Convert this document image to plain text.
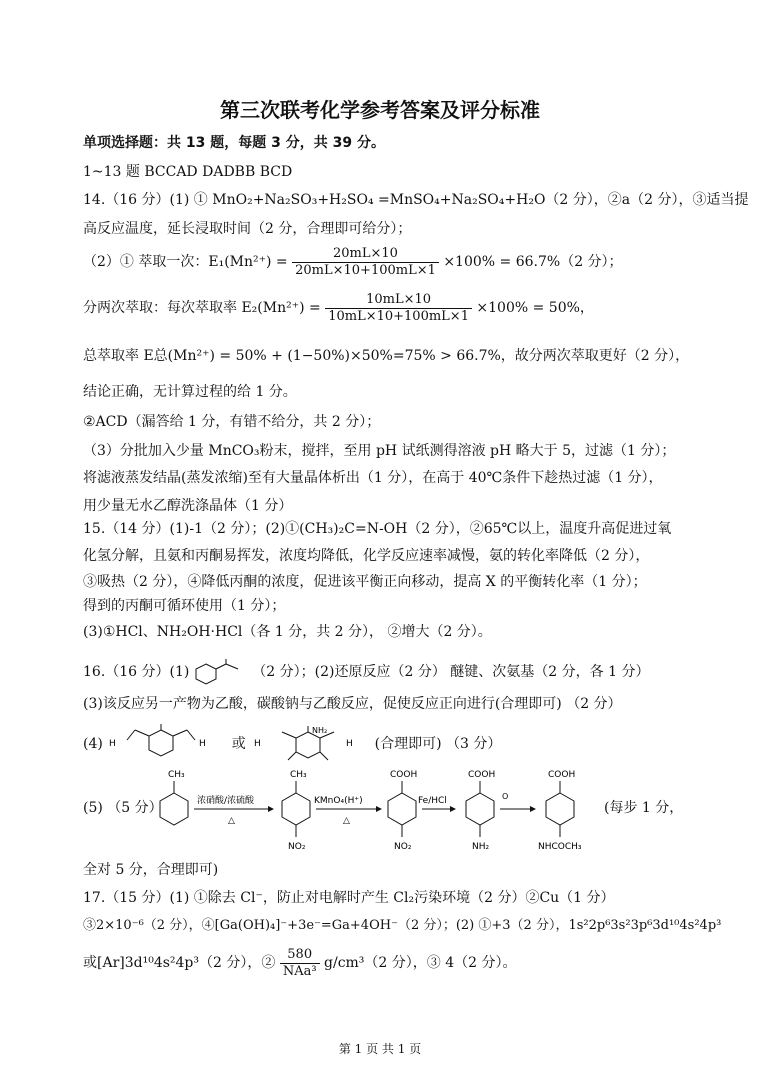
第三次联考化学参考答案及评分标准
单项选择题：共 13 题，每题 3 分，共 39 分。
1~13 题 BCCAD DADBB BCD
14.（16 分）(1) ① MnO₂+Na₂SO₃+H₂SO₄ =MnSO₄+Na₂SO₄+H₂O（2 分），②a（2 分），③适当提
高反应温度，延长浸取时间（2 分，合理即可给分）；
（2）① 萃取一次：$E_1(Mn^{2+}) = \frac{20mL\times 10}{20mL\times 10+100mL\times 1} \times 100\% = 66.7\%(2$ 分）；
分两次萃取：每次萃取率 $E_2(Mn^{2+}) = \frac{10mL\times 10}{10mL\times 10+100mL\times 1} \times 100\% = 50\%$，
总萃取率 E总(Mn²⁺) = 50% + (1−50%)×50%=75% > 66.7%，故分两次萃取更好（2 分），
结论正确，无计算过程的给 1 分。
②ACD（漏答给 1 分，有错不给分，共 2 分）；
（3）分批加入少量 MnCO₃粉末，搅拌，至用 pH 试纸测得溶液 pH 略大于 5，过滤（1 分）；
将滤液蒸发结晶(蒸发浓缩)至有大量晶体析出（1 分），在高于 40℃条件下趁热过滤（1 分），
用少量无水乙醇洗涤晶体（1 分）
15.（14 分）(1)-1（2 分）；(2)①(CH₃)₂C=N-OH（2 分），②65℃以上，温度升高促进过氧
化氢分解，且氨和丙酮易挥发，浓度均降低，化学反应速率减慢，氨的转化率降低（2 分），
③吸热（2 分），④降低丙酮的浓度，促进该平衡正向移动，提高 X 的平衡转化率（1 分）；
得到的丙酮可循环使用（1 分）；
(3)①HCl、NH₂OH·HCl（各 1 分，共 2 分）， ②增大（2 分）。
16.（16 分）(1)	（2 分）；(2)还原反应（2 分） 醚键、次氨基（2 分，各 1 分）
(3)该反应另一产物为乙酸，碳酸钠与乙酸反应，促使反应正向进行(合理即可) （2 分）
(4) H	H 或
NH₂
H	H (合理即可) （3 分）
(5) （5 分）
CH₃
浓硝酸/浓硫酸
△
CH₃
NO₂
KMnO₄(H⁺)
△
COOH
NO₂
Fe/HCl
COOH
NH₂
O
COOH
NHCOCH₃
(每步 1 分，
全对 5 分，合理即可)
17.（15 分）(1) ①除去 Cl⁻，防止对电解时产生 Cl₂污染环境（2 分）②Cu（1 分）
③2×10⁻⁶（2 分），④[Ga(OH)₄]⁻+3e⁻=Ga+4OH⁻（2 分）；(2) ①+3（2 分），1s²2p⁶3s²3p⁶3d¹⁰4s²4p³
或[Ar]3d¹⁰4s²4p³（2 分），② $\frac{580}{\text{NAa³}} g/cm^3(2$ 分），③ 4（2 分）。
第 1 页 共 1 页
